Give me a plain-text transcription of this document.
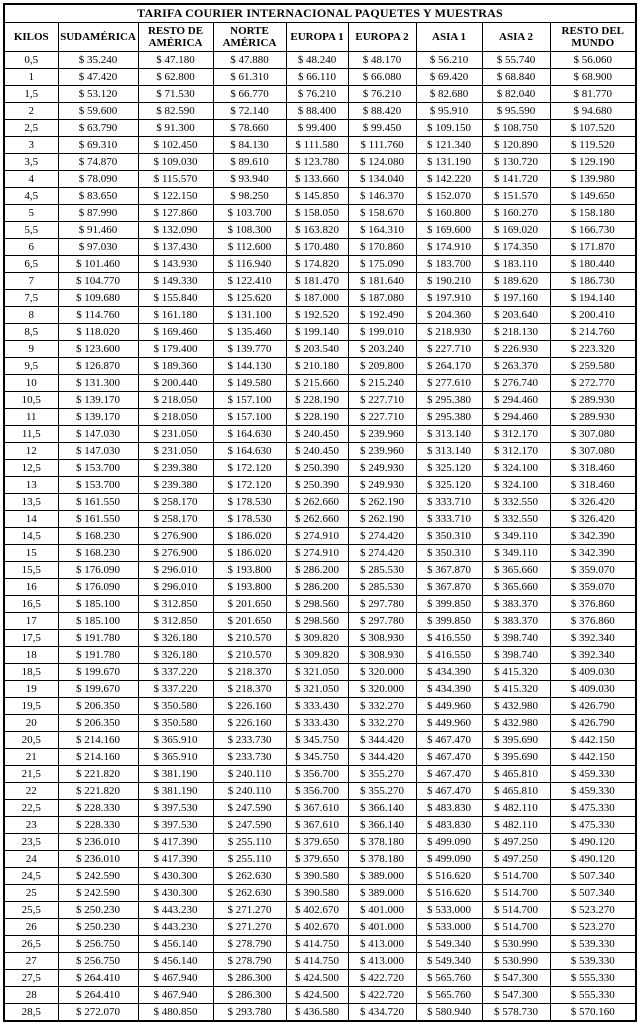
TARIFA COURIER INTERNACIONAL PAQUETES Y MUESTRAS								
KILOS	SUDAMÉRICA	RESTO DE AMÉRICA	NORTE AMÉRICA	EUROPA 1	EUROPA 2	ASIA 1	ASIA 2	RESTO DEL MUNDO
0,5	$ 35.240	$ 47.180	$ 47.880	$ 48.240	$ 48.170	$ 56.210	$ 55.740	$ 56.060
1	$ 47.420	$ 62.800	$ 61.310	$ 66.110	$ 66.080	$ 69.420	$ 68.840	$ 68.900
1,5	$ 53.120	$ 71.530	$ 66.770	$ 76.210	$ 76.210	$ 82.680	$ 82.040	$ 81.770
2	$ 59.600	$ 82.590	$ 72.140	$ 88.400	$ 88.420	$ 95.910	$ 95.590	$ 94.680
2,5	$ 63.790	$ 91.300	$ 78.660	$ 99.400	$ 99.450	$ 109.150	$ 108.750	$ 107.520
3	$ 69.310	$ 102.450	$ 84.130	$ 111.580	$ 111.760	$ 121.340	$ 120.890	$ 119.520
3,5	$ 74.870	$ 109.030	$ 89.610	$ 123.780	$ 124.080	$ 131.190	$ 130.720	$ 129.190
4	$ 78.090	$ 115.570	$ 93.940	$ 133.660	$ 134.040	$ 142.220	$ 141.720	$ 139.980
4,5	$ 83.650	$ 122.150	$ 98.250	$ 145.850	$ 146.370	$ 152.070	$ 151.570	$ 149.650
5	$ 87.990	$ 127.860	$ 103.700	$ 158.050	$ 158.670	$ 160.800	$ 160.270	$ 158.180
5,5	$ 91.460	$ 132.090	$ 108.300	$ 163.820	$ 164.310	$ 169.600	$ 169.020	$ 166.730
6	$ 97.030	$ 137.430	$ 112.600	$ 170.480	$ 170.860	$ 174.910	$ 174.350	$ 171.870
6,5	$ 101.460	$ 143.930	$ 116.940	$ 174.820	$ 175.090	$ 183.700	$ 183.110	$ 180.440
7	$ 104.770	$ 149.330	$ 122.410	$ 181.470	$ 181.640	$ 190.210	$ 189.620	$ 186.730
7,5	$ 109.680	$ 155.840	$ 125.620	$ 187.000	$ 187.080	$ 197.910	$ 197.160	$ 194.140
8	$ 114.760	$ 161.180	$ 131.100	$ 192.520	$ 192.490	$ 204.360	$ 203.640	$ 200.410
8,5	$ 118.020	$ 169.460	$ 135.460	$ 199.140	$ 199.010	$ 218.930	$ 218.130	$ 214.760
9	$ 123.600	$ 179.400	$ 139.770	$ 203.540	$ 203.240	$ 227.710	$ 226.930	$ 223.320
9,5	$ 126.870	$ 189.360	$ 144.130	$ 210.180	$ 209.800	$ 264.170	$ 263.370	$ 259.580
10	$ 131.300	$ 200.440	$ 149.580	$ 215.660	$ 215.240	$ 277.610	$ 276.740	$ 272.770
10,5	$ 139.170	$ 218.050	$ 157.100	$ 228.190	$ 227.710	$ 295.380	$ 294.460	$ 289.930
11	$ 139.170	$ 218.050	$ 157.100	$ 228.190	$ 227.710	$ 295.380	$ 294.460	$ 289.930
11,5	$ 147.030	$ 231.050	$ 164.630	$ 240.450	$ 239.960	$ 313.140	$ 312.170	$ 307.080
12	$ 147.030	$ 231.050	$ 164.630	$ 240.450	$ 239.960	$ 313.140	$ 312.170	$ 307.080
12,5	$ 153.700	$ 239.380	$ 172.120	$ 250.390	$ 249.930	$ 325.120	$ 324.100	$ 318.460
13	$ 153.700	$ 239.380	$ 172.120	$ 250.390	$ 249.930	$ 325.120	$ 324.100	$ 318.460
13,5	$ 161.550	$ 258.170	$ 178.530	$ 262.660	$ 262.190	$ 333.710	$ 332.550	$ 326.420
14	$ 161.550	$ 258.170	$ 178.530	$ 262.660	$ 262.190	$ 333.710	$ 332.550	$ 326.420
14,5	$ 168.230	$ 276.900	$ 186.020	$ 274.910	$ 274.420	$ 350.310	$ 349.110	$ 342.390
15	$ 168.230	$ 276.900	$ 186.020	$ 274.910	$ 274.420	$ 350.310	$ 349.110	$ 342.390
15,5	$ 176.090	$ 296.010	$ 193.800	$ 286.200	$ 285.530	$ 367.870	$ 365.660	$ 359.070
16	$ 176.090	$ 296.010	$ 193.800	$ 286.200	$ 285.530	$ 367.870	$ 365.660	$ 359.070
16,5	$ 185.100	$ 312.850	$ 201.650	$ 298.560	$ 297.780	$ 399.850	$ 383.370	$ 376.860
17	$ 185.100	$ 312.850	$ 201.650	$ 298.560	$ 297.780	$ 399.850	$ 383.370	$ 376.860
17,5	$ 191.780	$ 326.180	$ 210.570	$ 309.820	$ 308.930	$ 416.550	$ 398.740	$ 392.340
18	$ 191.780	$ 326.180	$ 210.570	$ 309.820	$ 308.930	$ 416.550	$ 398.740	$ 392.340
18,5	$ 199.670	$ 337.220	$ 218.370	$ 321.050	$ 320.000	$ 434.390	$ 415.320	$ 409.030
19	$ 199.670	$ 337.220	$ 218.370	$ 321.050	$ 320.000	$ 434.390	$ 415.320	$ 409.030
19,5	$ 206.350	$ 350.580	$ 226.160	$ 333.430	$ 332.270	$ 449.960	$ 432.980	$ 426.790
20	$ 206.350	$ 350.580	$ 226.160	$ 333.430	$ 332.270	$ 449.960	$ 432.980	$ 426.790
20,5	$ 214.160	$ 365.910	$ 233.730	$ 345.750	$ 344.420	$ 467.470	$ 395.690	$ 442.150
21	$ 214.160	$ 365.910	$ 233.730	$ 345.750	$ 344.420	$ 467.470	$ 395.690	$ 442.150
21,5	$ 221.820	$ 381.190	$ 240.110	$ 356.700	$ 355.270	$ 467.470	$ 465.810	$ 459.330
22	$ 221.820	$ 381.190	$ 240.110	$ 356.700	$ 355.270	$ 467.470	$ 465.810	$ 459.330
22,5	$ 228.330	$ 397.530	$ 247.590	$ 367.610	$ 366.140	$ 483.830	$ 482.110	$ 475.330
23	$ 228.330	$ 397.530	$ 247.590	$ 367.610	$ 366.140	$ 483.830	$ 482.110	$ 475.330
23,5	$ 236.010	$ 417.390	$ 255.110	$ 379.650	$ 378.180	$ 499.090	$ 497.250	$ 490.120
24	$ 236.010	$ 417.390	$ 255.110	$ 379.650	$ 378.180	$ 499.090	$ 497.250	$ 490.120
24,5	$ 242.590	$ 430.300	$ 262.630	$ 390.580	$ 389.000	$ 516.620	$ 514.700	$ 507.340
25	$ 242.590	$ 430.300	$ 262.630	$ 390.580	$ 389.000	$ 516.620	$ 514.700	$ 507.340
25,5	$ 250.230	$ 443.230	$ 271.270	$ 402.670	$ 401.000	$ 533.000	$ 514.700	$ 523.270
26	$ 250.230	$ 443.230	$ 271.270	$ 402.670	$ 401.000	$ 533.000	$ 514.700	$ 523.270
26,5	$ 256.750	$ 456.140	$ 278.790	$ 414.750	$ 413.000	$ 549.340	$ 530.990	$ 539.330
27	$ 256.750	$ 456.140	$ 278.790	$ 414.750	$ 413.000	$ 549.340	$ 530.990	$ 539.330
27,5	$ 264.410	$ 467.940	$ 286.300	$ 424.500	$ 422.720	$ 565.760	$ 547.300	$ 555.330
28	$ 264.410	$ 467.940	$ 286.300	$ 424.500	$ 422.720	$ 565.760	$ 547.300	$ 555.330
28,5	$ 272.070	$ 480.850	$ 293.780	$ 436.580	$ 434.720	$ 580.940	$ 578.730	$ 570.160
